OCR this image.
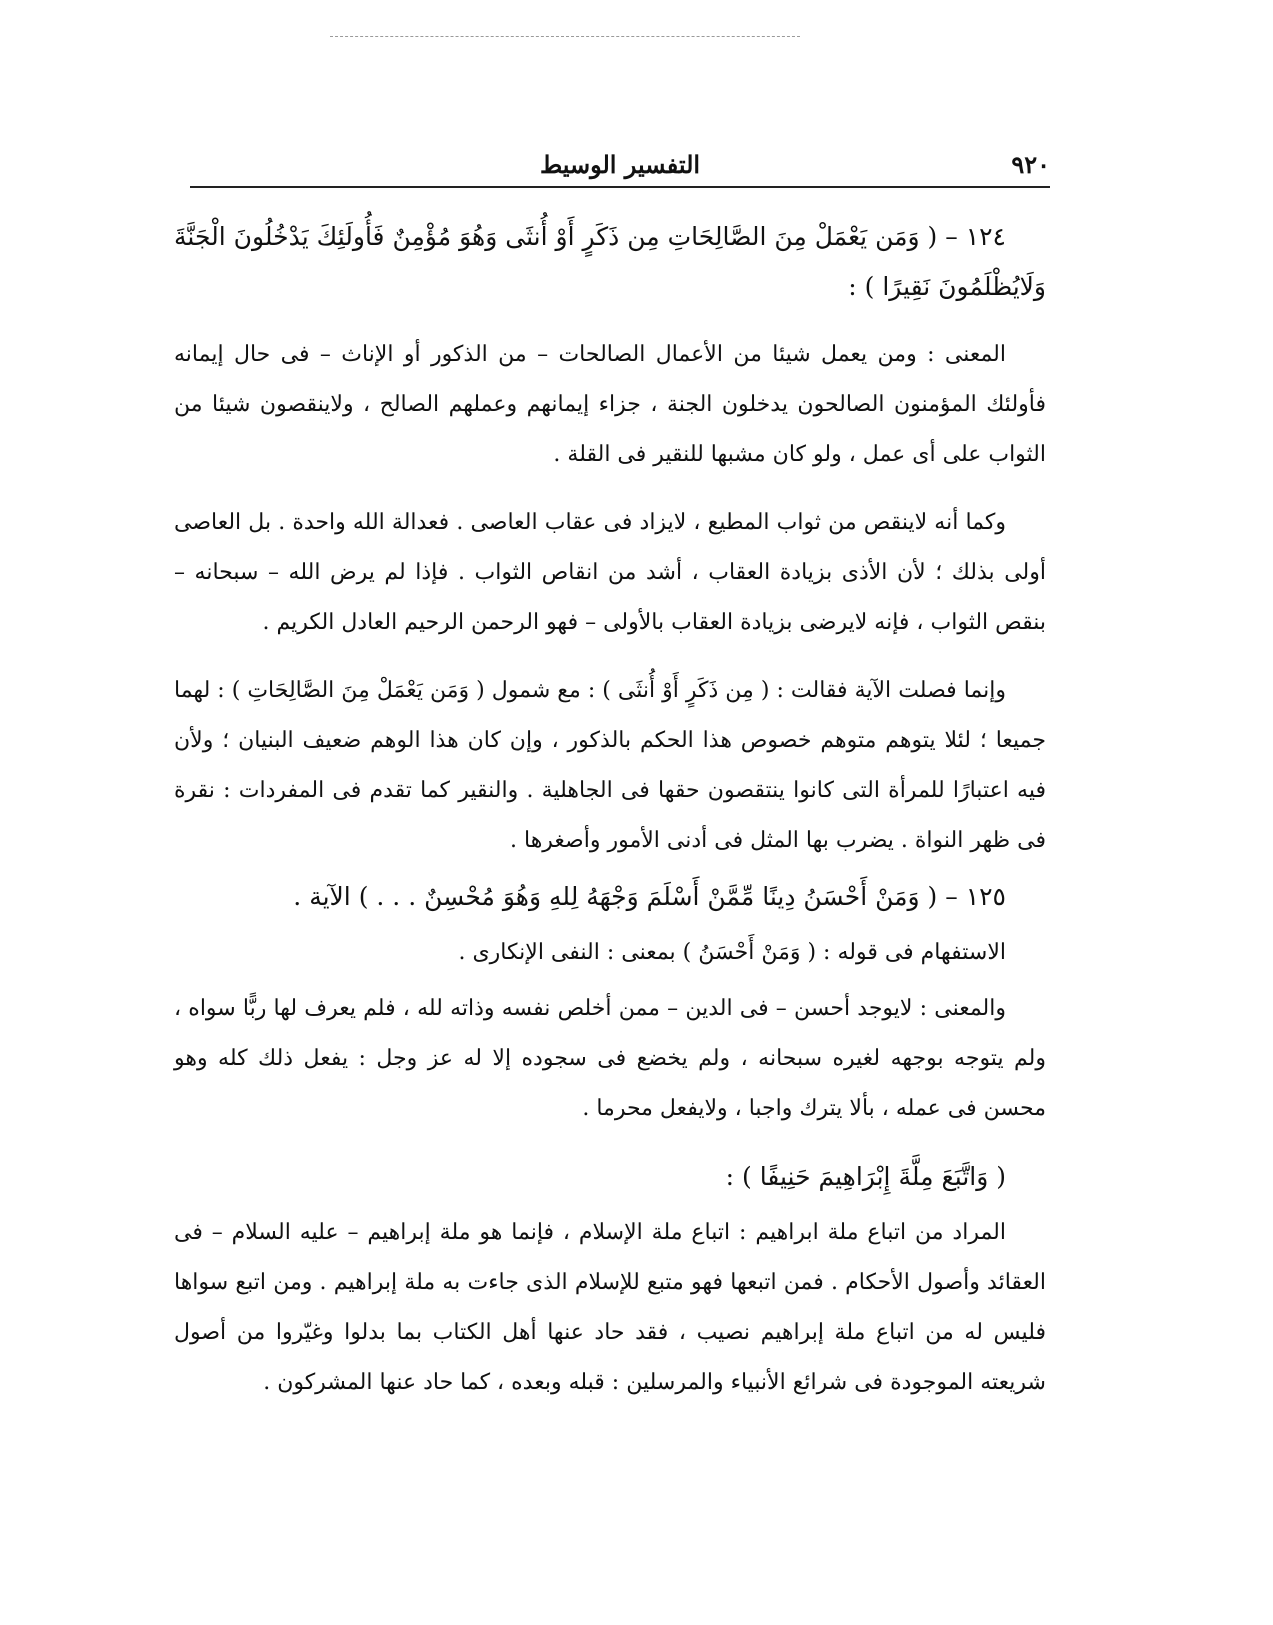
٩٢٠
التفسير الوسيط

١٢٤ – ( وَمَن يَعْمَلْ مِنَ الصَّالِحَاتِ مِن ذَكَرٍ أَوْ أُنثَى وَهُوَ مُؤْمِنٌ فَأُولَئِكَ يَدْخُلُونَ الْجَنَّةَ وَلَايُظْلَمُونَ نَقِيرًا ) :

المعنى : ومن يعمل شيئا من الأعمال الصالحات – من الذكور أو الإناث – فى حال إيمانه فأولئك المؤمنون الصالحون يدخلون الجنة ، جزاء إيمانهم وعملهم الصالح ، ولاينقصون شيئا من الثواب على أى عمل ، ولو كان مشبها للنقير فى القلة .

وكما أنه لاينقص من ثواب المطيع ، لايزاد فى عقاب العاصى . فعدالة الله واحدة . بل العاصى أولى بذلك ؛ لأن الأذى بزيادة العقاب ، أشد من انقاص الثواب . فإذا لم يرض الله – سبحانه – بنقص الثواب ، فإنه لايرضى بزيادة العقاب بالأولى – فهو الرحمن الرحيم العادل الكريم .

وإنما فصلت الآية فقالت : ( مِن ذَكَرٍ أَوْ أُنثَى ) : مع شمول ( وَمَن يَعْمَلْ مِنَ الصَّالِحَاتِ ) : لهما جميعا ؛ لئلا يتوهم متوهم خصوص هذا الحكم بالذكور ، وإن كان هذا الوهم ضعيف البنيان ؛ ولأن فيه اعتبارًا للمرأة التى كانوا ينتقصون حقها فى الجاهلية . والنقير كما تقدم فى المفردات : نقرة فى ظهر النواة . يضرب بها المثل فى أدنى الأمور وأصغرها .

١٢٥ – ( وَمَنْ أَحْسَنُ دِينًا مِّمَّنْ أَسْلَمَ وَجْهَهُ لِلهِ وَهُوَ مُحْسِنٌ . . . ) الآية .

الاستفهام فى قوله : ( وَمَنْ أَحْسَنُ ) بمعنى : النفى الإنكارى .

والمعنى : لايوجد أحسن – فى الدين – ممن أخلص نفسه وذاته لله ، فلم يعرف لها ربًّا سواه ، ولم يتوجه بوجهه لغيره سبحانه ، ولم يخضع فى سجوده إلا له عز وجل : يفعل ذلك كله وهو محسن فى عمله ، بألا يترك واجبا ، ولايفعل محرما .

( وَاتَّبَعَ مِلَّةَ إِبْرَاهِيمَ حَنِيفًا ) :

المراد من اتباع ملة ابراهيم : اتباع ملة الإسلام ، فإنما هو ملة إبراهيم – عليه السلام – فى العقائد وأصول الأحكام . فمن اتبعها فهو متبع للإسلام الذى جاءت به ملة إبراهيم . ومن اتبع سواها فليس له من اتباع ملة إبراهيم نصيب ، فقد حاد عنها أهل الكتاب بما بدلوا وغيّروا من أصول شريعته الموجودة فى شرائع الأنبياء والمرسلين : قبله وبعده ، كما حاد عنها المشركون .
